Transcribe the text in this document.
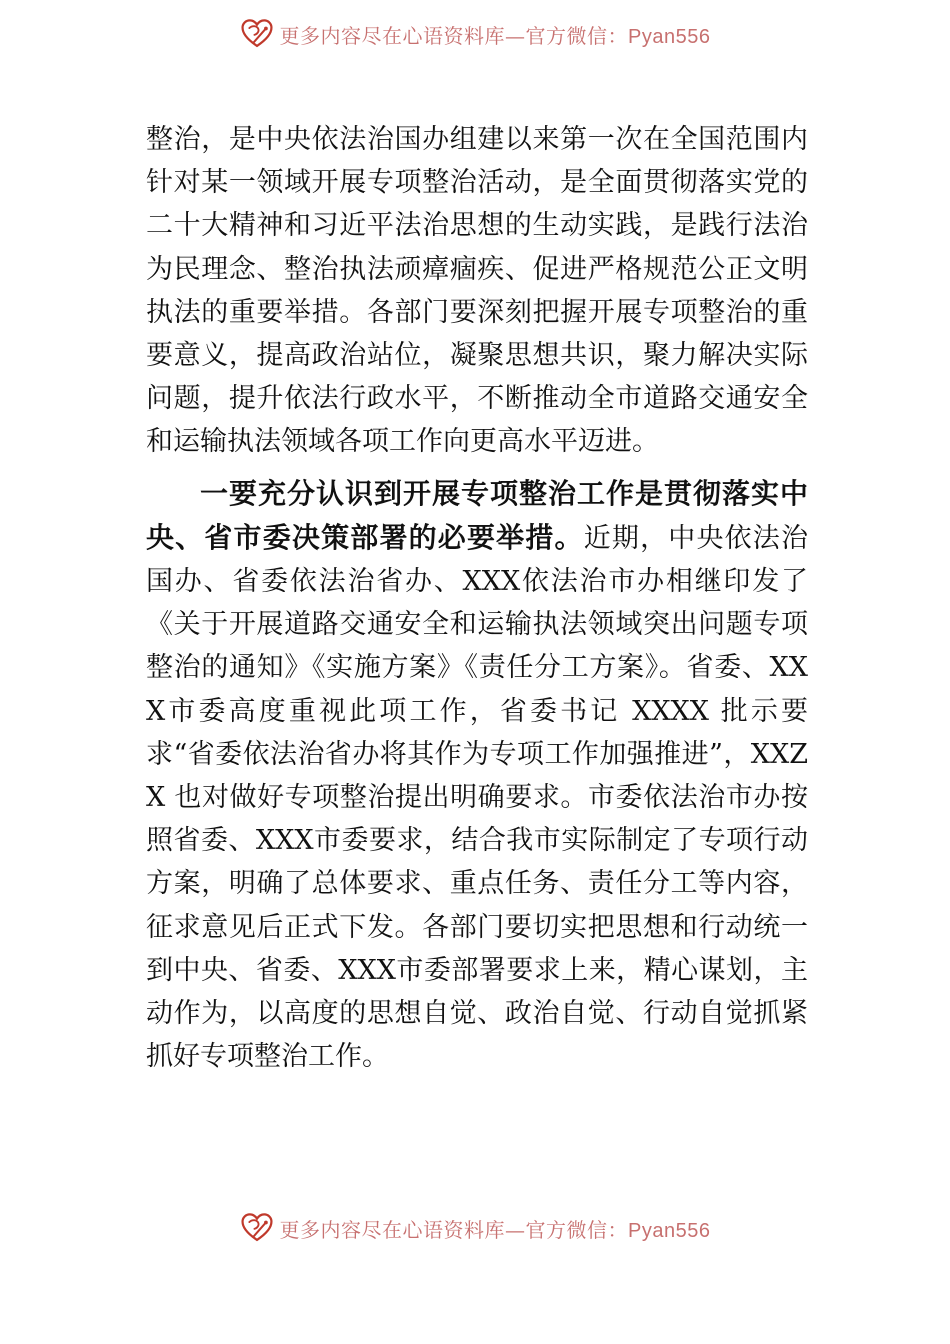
更多内容尽在心语资料库—官方微信：Pyan556

整治，是中央依法治国办组建以来第一次在全国范围内针对某一领域开展专项整治活动，是全面贯彻落实党的二十大精神和习近平法治思想的生动实践，是践行法治为民理念、整治执法顽瘴痼疾、促进严格规范公正文明执法的重要举措。各部门要深刻把握开展专项整治的重要意义，提高政治站位，凝聚思想共识，聚力解决实际问题，提升依法行政水平，不断推动全市道路交通安全和运输执法领域各项工作向更高水平迈进。

一要充分认识到开展专项整治工作是贯彻落实中央、省市委决策部署的必要举措。近期，中央依法治国办、省委依法治省办、XXX依法治市办相继印发了《关于开展道路交通安全和运输执法领域突出问题专项整治的通知》《实施方案》《责任分工方案》。省委、XXX市委高度重视此项工作，省委书记 XXXX 批示要求“省委依法治省办将其作为专项工作加强推进”，XXZX 也对做好专项整治提出明确要求。市委依法治市办按照省委、XXX市委要求，结合我市实际制定了专项行动方案，明确了总体要求、重点任务、责任分工等内容，征求意见后正式下发。各部门要切实把思想和行动统一到中央、省委、XXX市委部署要求上来，精心谋划，主动作为，以高度的思想自觉、政治自觉、行动自觉抓紧抓好专项整治工作。

更多内容尽在心语资料库—官方微信：Pyan556
